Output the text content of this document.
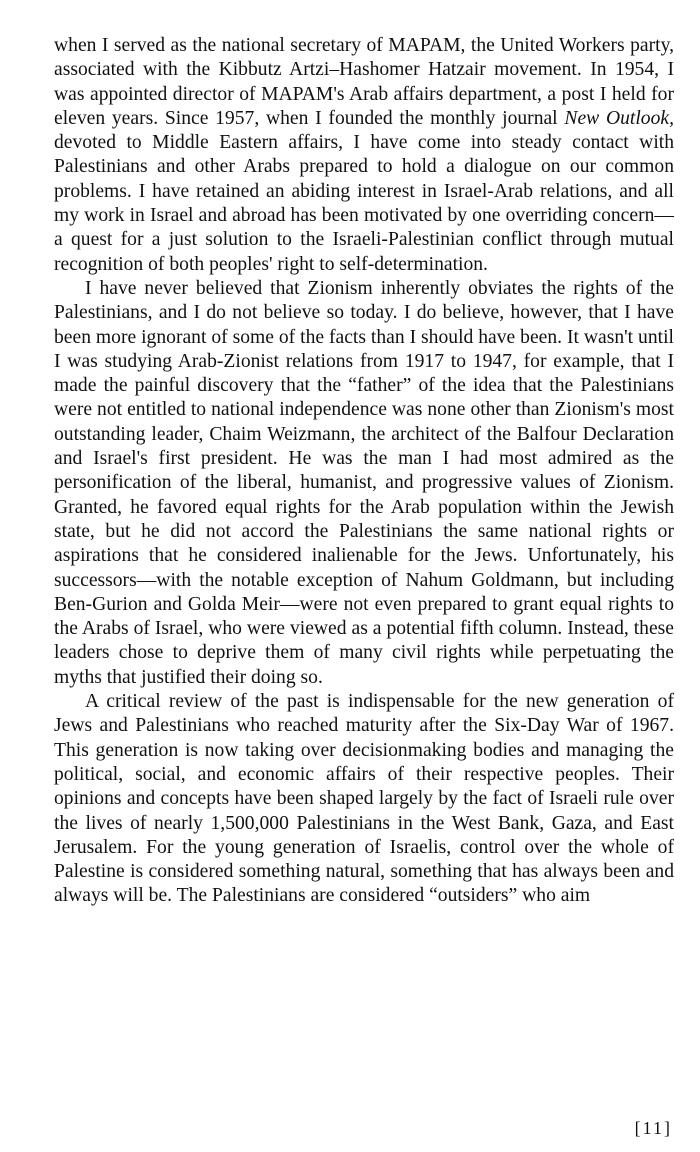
when I served as the national secretary of MAPAM, the United Workers party, associated with the Kibbutz Artzi–Hashomer Hatzair movement. In 1954, I was appointed director of MAPAM's Arab affairs department, a post I held for eleven years. Since 1957, when I founded the monthly journal New Outlook, devoted to Middle Eastern affairs, I have come into steady contact with Palestinians and other Arabs prepared to hold a dialogue on our common problems. I have retained an abiding interest in Israel-Arab relations, and all my work in Israel and abroad has been motivated by one overriding concern—a quest for a just solution to the Israeli-Palestinian conflict through mutual recognition of both peoples' right to self-determination.

I have never believed that Zionism inherently obviates the rights of the Palestinians, and I do not believe so today. I do believe, however, that I have been more ignorant of some of the facts than I should have been. It wasn't until I was studying Arab-Zionist relations from 1917 to 1947, for example, that I made the painful discovery that the “father” of the idea that the Palestinians were not entitled to national independence was none other than Zionism's most outstanding leader, Chaim Weizmann, the architect of the Balfour Declaration and Israel's first president. He was the man I had most admired as the personification of the liberal, humanist, and progressive values of Zionism. Granted, he favored equal rights for the Arab population within the Jewish state, but he did not accord the Palestinians the same national rights or aspirations that he considered inalienable for the Jews. Unfortunately, his successors—with the notable exception of Nahum Goldmann, but including Ben-Gurion and Golda Meir—were not even prepared to grant equal rights to the Arabs of Israel, who were viewed as a potential fifth column. Instead, these leaders chose to deprive them of many civil rights while perpetuating the myths that justified their doing so.

A critical review of the past is indispensable for the new generation of Jews and Palestinians who reached maturity after the Six-Day War of 1967. This generation is now taking over decisionmaking bodies and managing the political, social, and economic affairs of their respective peoples. Their opinions and concepts have been shaped largely by the fact of Israeli rule over the lives of nearly 1,500,000 Palestinians in the West Bank, Gaza, and East Jerusalem. For the young generation of Israelis, control over the whole of Palestine is considered something natural, something that has always been and always will be. The Palestinians are considered “outsiders” who aim

[11]
